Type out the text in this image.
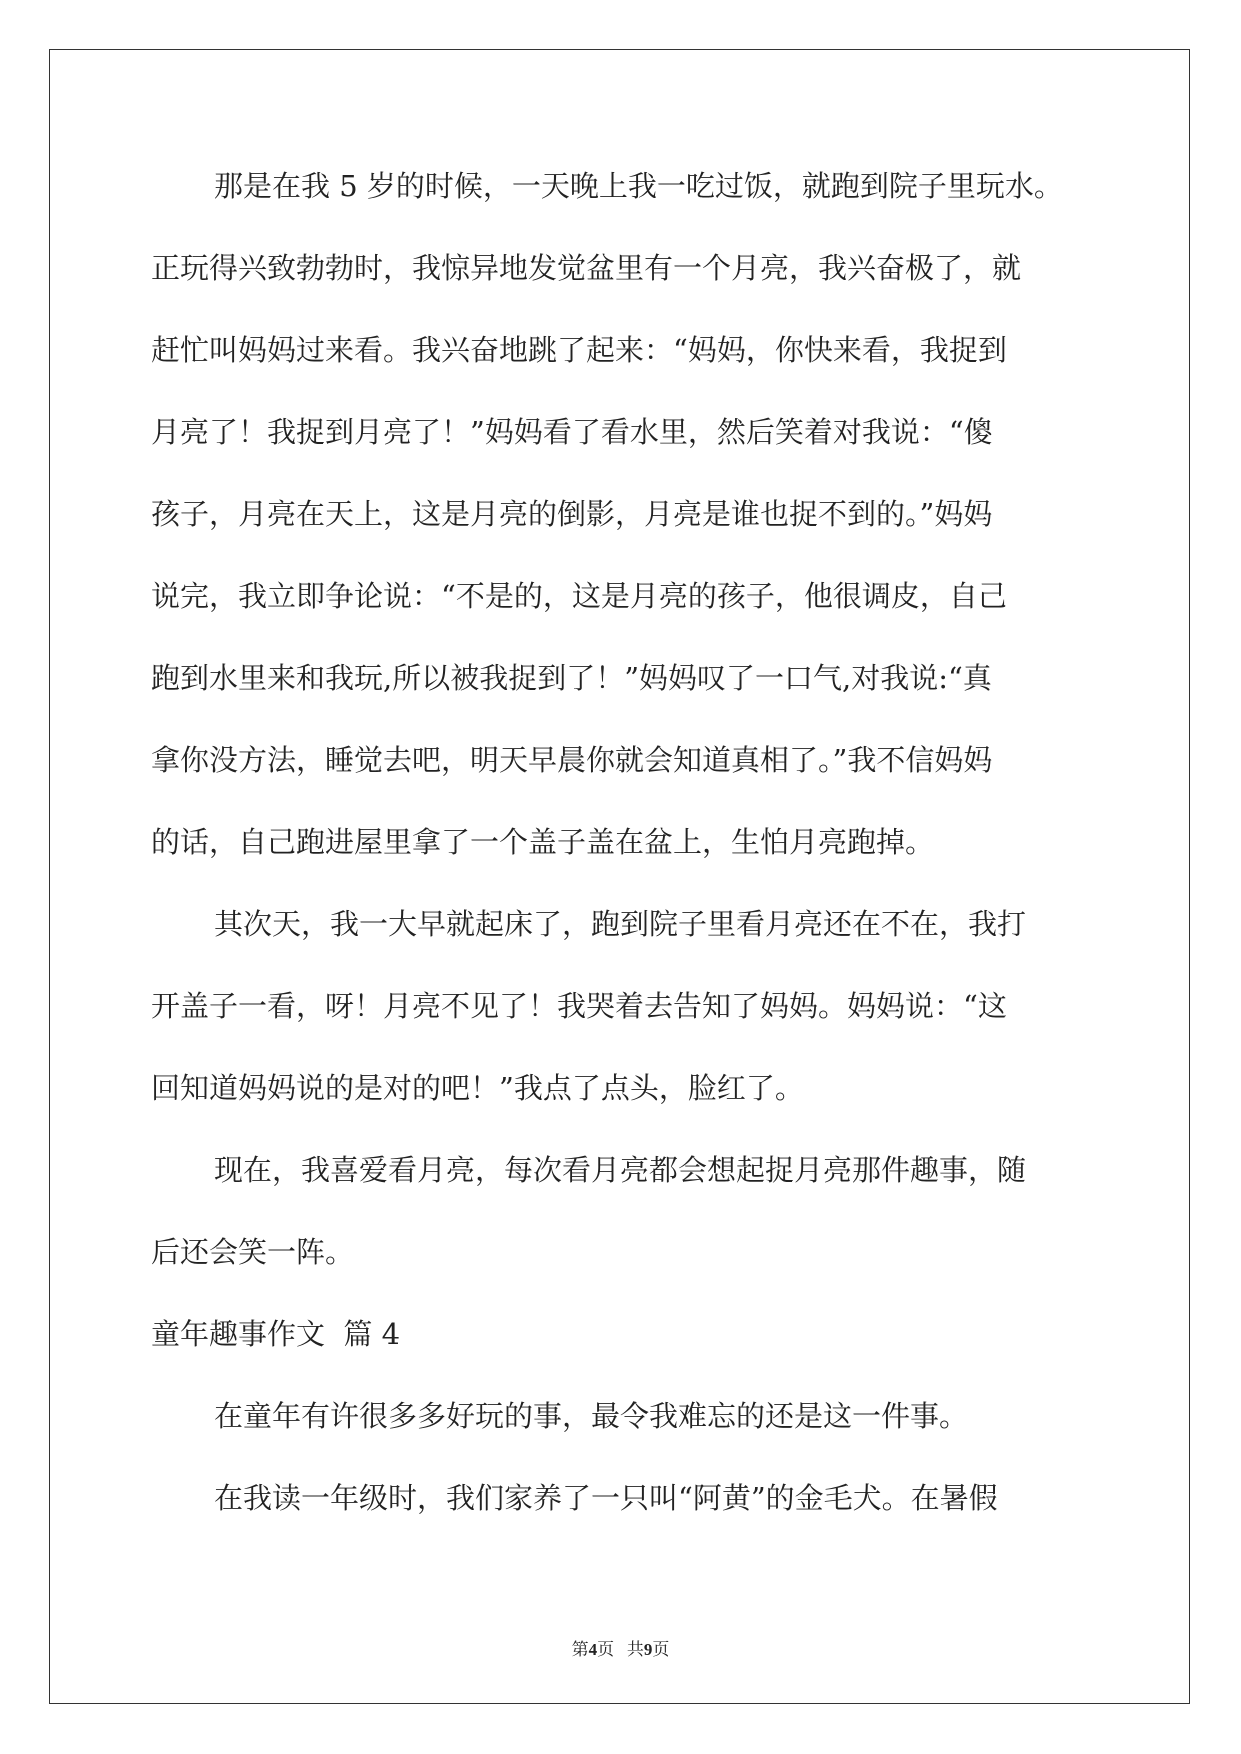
那是在我 5 岁的时候，一天晚上我一吃过饭，就跑到院子里玩水。
正玩得兴致勃勃时，我惊异地发觉盆里有一个月亮，我兴奋极了，就
赶忙叫妈妈过来看。我兴奋地跳了起来：“妈妈，你快来看，我捉到
月亮了！我捉到月亮了！”妈妈看了看水里，然后笑着对我说：“傻
孩子，月亮在天上，这是月亮的倒影，月亮是谁也捉不到的。”妈妈
说完，我立即争论说：“不是的，这是月亮的孩子，他很调皮，自己
跑到水里来和我玩,所以被我捉到了！”妈妈叹了一口气,对我说:“真
拿你没方法，睡觉去吧，明天早晨你就会知道真相了。”我不信妈妈
的话，自己跑进屋里拿了一个盖子盖在盆上，生怕月亮跑掉。
其次天，我一大早就起床了，跑到院子里看月亮还在不在，我打
开盖子一看，呀！月亮不见了！我哭着去告知了妈妈。妈妈说：“这
回知道妈妈说的是对的吧！”我点了点头，脸红了。
现在，我喜爱看月亮，每次看月亮都会想起捉月亮那件趣事，随
后还会笑一阵。
童年趣事作文  篇 4
在童年有许很多多好玩的事，最令我难忘的还是这一件事。
在我读一年级时，我们家养了一只叫“阿黄”的金毛犬。在暑假
第4页   共9页
